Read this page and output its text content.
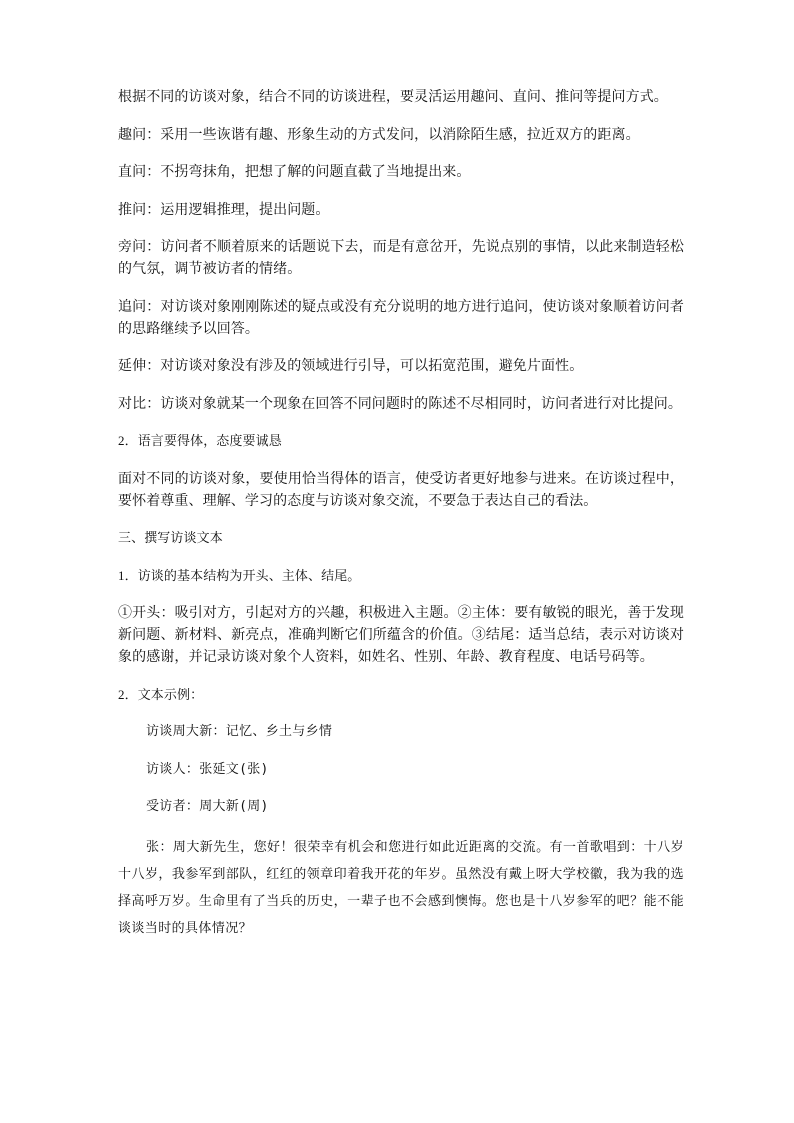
根据不同的访谈对象，结合不同的访谈进程，要灵活运用趣问、直问、推问等提问方式。

趣问：采用一些诙谐有趣、形象生动的方式发问，以消除陌生感，拉近双方的距离。

直问：不拐弯抹角，把想了解的问题直截了当地提出来。

推问：运用逻辑推理，提出问题。

旁问：访问者不顺着原来的话题说下去，而是有意岔开，先说点别的事情，以此来制造轻松的气氛，调节被访者的情绪。

追问：对访谈对象刚刚陈述的疑点或没有充分说明的地方进行追问，使访谈对象顺着访问者的思路继续予以回答。

延伸：对访谈对象没有涉及的领域进行引导，可以拓宽范围，避免片面性。

对比：访谈对象就某一个现象在回答不同问题时的陈述不尽相同时，访问者进行对比提问。

2．语言要得体，态度要诚恳

面对不同的访谈对象，要使用恰当得体的语言，使受访者更好地参与进来。在访谈过程中，要怀着尊重、理解、学习的态度与访谈对象交流，不要急于表达自己的看法。

三、撰写访谈文本

1．访谈的基本结构为开头、主体、结尾。

①开头：吸引对方，引起对方的兴趣，积极进入主题。②主体：要有敏锐的眼光，善于发现新问题、新材料、新亮点，准确判断它们所蕴含的价值。③结尾：适当总结，表示对访谈对象的感谢，并记录访谈对象个人资料，如姓名、性别、年龄、教育程度、电话号码等。

2．文本示例：

访谈周大新：记忆、乡土与乡情

访谈人：张延文(张)

受访者：周大新(周)

张：周大新先生，您好！很荣幸有机会和您进行如此近距离的交流。有一首歌唱到：十八岁十八岁，我参军到部队，红红的领章印着我开花的年岁。虽然没有戴上呀大学校徽，我为我的选择高呼万岁。生命里有了当兵的历史，一辈子也不会感到懊悔。您也是十八岁参军的吧？能不能谈谈当时的具体情况？
